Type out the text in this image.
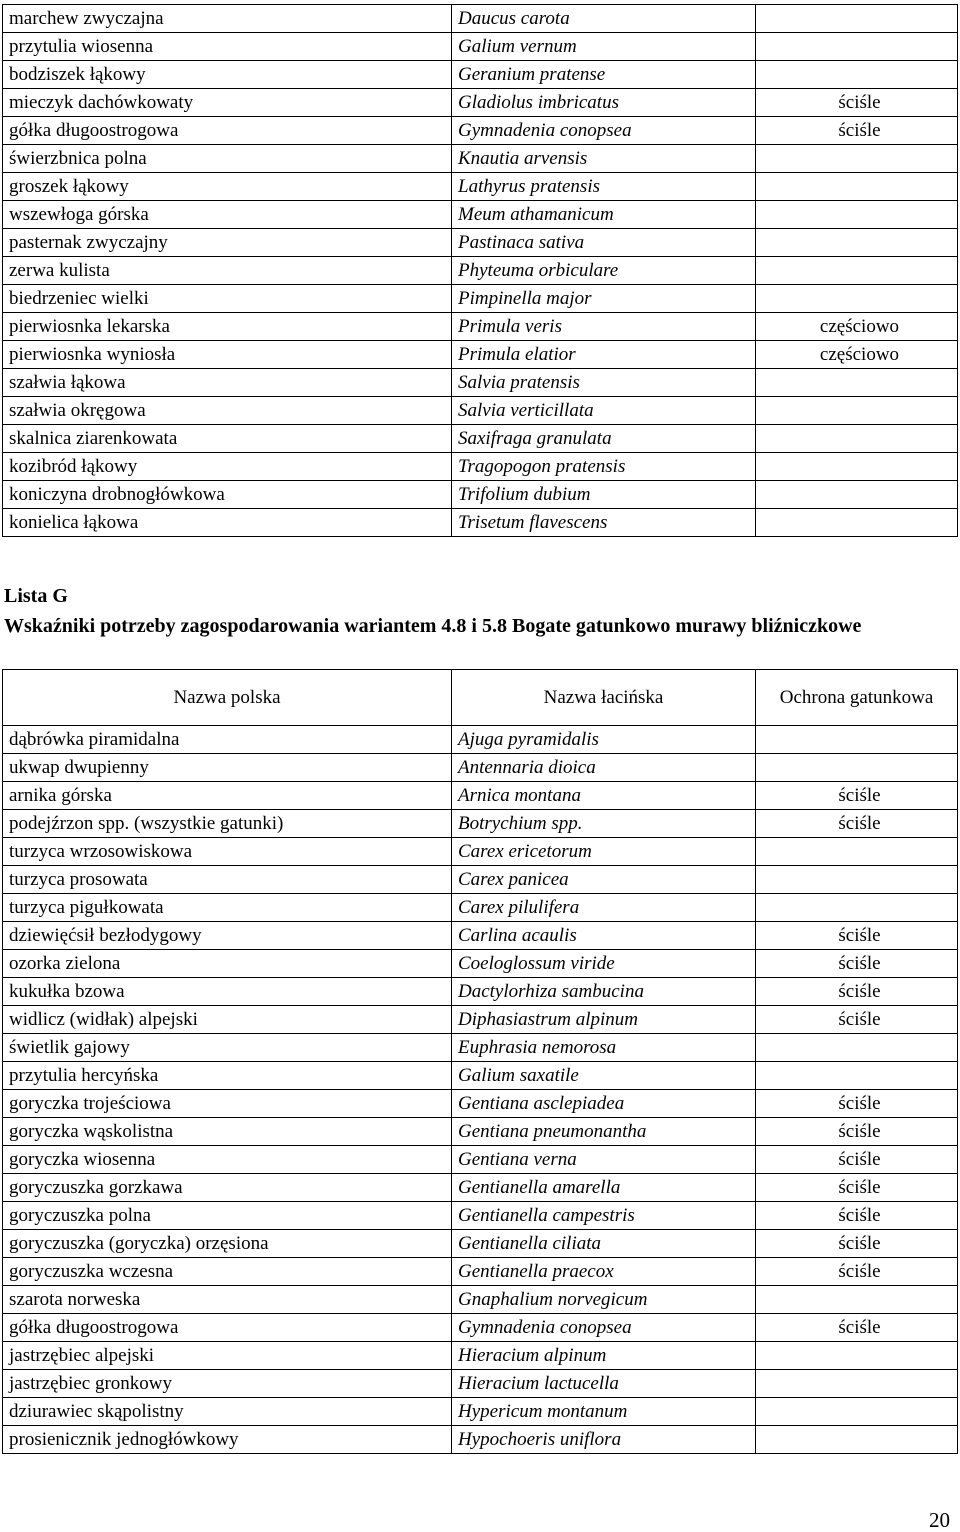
marchew zwyczajna	Daucus carota	
przytulia wiosenna	Galium vernum	
bodziszek łąkowy	Geranium pratense	
mieczyk dachówkowaty	Gladiolus imbricatus	ściśle
gółka długoostrogowa	Gymnadenia conopsea	ściśle
świerzbnica polna	Knautia arvensis	
groszek łąkowy	Lathyrus pratensis	
wszewłoga górska	Meum athamanicum	
pasternak zwyczajny	Pastinaca sativa	
zerwa kulista	Phyteuma orbiculare	
biedrzeniec wielki	Pimpinella major	
pierwiosnka lekarska	Primula veris	częściowo
pierwiosnka wyniosła	Primula elatior	częściowo
szałwia łąkowa	Salvia pratensis	
szałwia okręgowa	Salvia verticillata	
skalnica ziarenkowata	Saxifraga granulata	
kozibród łąkowy	Tragopogon pratensis	
koniczyna drobnogłówkowa	Trifolium dubium	
konielica łąkowa	Trisetum flavescens	
Lista G
Wskaźniki potrzeby zagospodarowania wariantem 4.8 i 5.8 Bogate gatunkowo murawy bliźniczkowe
Nazwa polska	Nazwa łacińska	Ochrona gatunkowa
dąbrówka piramidalna	Ajuga pyramidalis	
ukwap dwupienny	Antennaria dioica	
arnika górska	Arnica montana	ściśle
podejźrzon spp. (wszystkie gatunki)	Botrychium spp.	ściśle
turzyca wrzosowiskowa	Carex ericetorum	
turzyca prosowata	Carex panicea	
turzyca pigułkowata	Carex pilulifera	
dziewięćsił bezłodygowy	Carlina acaulis	ściśle
ozorka zielona	Coeloglossum viride	ściśle
kukułka bzowa	Dactylorhiza sambucina	ściśle
widlicz (widłak) alpejski	Diphasiastrum alpinum	ściśle
świetlik gajowy	Euphrasia nemorosa	
przytulia hercyńska	Galium saxatile	
goryczka trojeściowa	Gentiana asclepiadea	ściśle
goryczka wąskolistna	Gentiana pneumonantha	ściśle
goryczka wiosenna	Gentiana verna	ściśle
goryczuszka gorzkawa	Gentianella amarella	ściśle
goryczuszka polna	Gentianella campestris	ściśle
goryczuszka (goryczka) orzęsiona	Gentianella ciliata	ściśle
goryczuszka wczesna	Gentianella praecox	ściśle
szarota norweska	Gnaphalium norvegicum	
gółka długoostrogowa	Gymnadenia conopsea	ściśle
jastrzębiec alpejski	Hieracium alpinum	
jastrzębiec gronkowy	Hieracium lactucella	
dziurawiec skąpolistny	Hypericum montanum	
prosienicznik jednogłówkowy	Hypochoeris uniflora	
20
